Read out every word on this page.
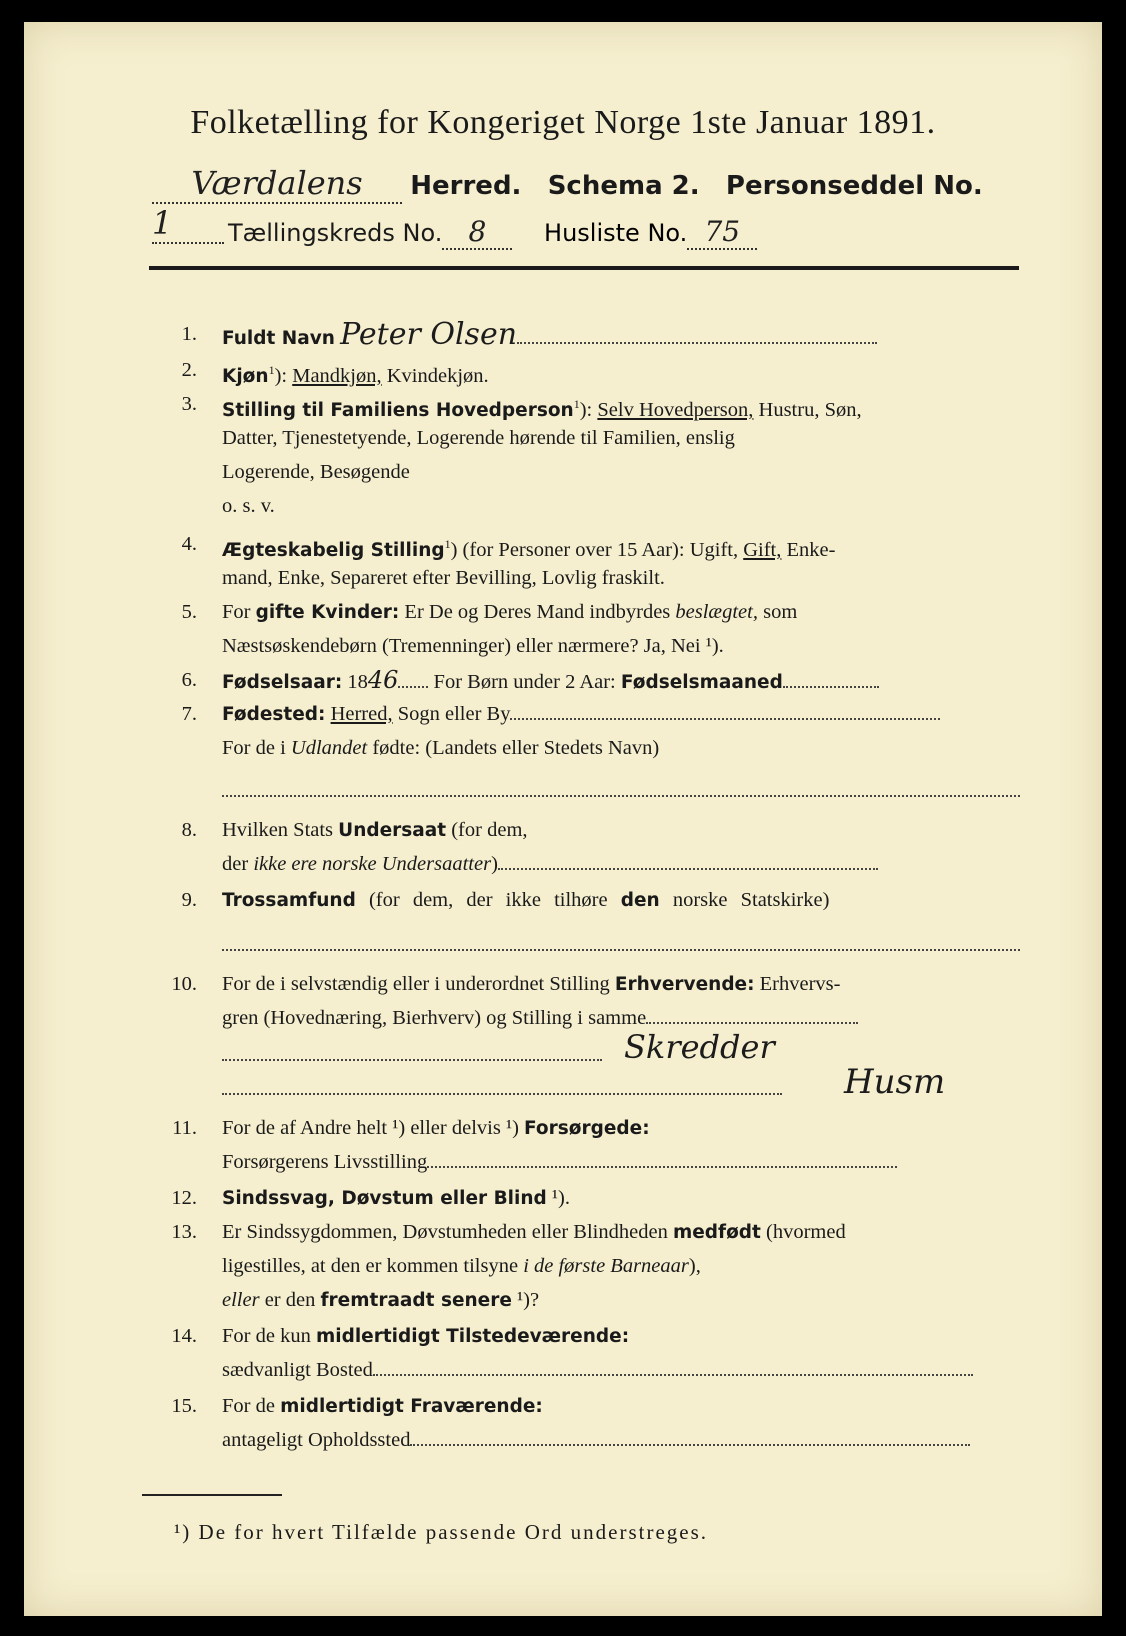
Folketælling for Kongeriget Norge 1ste Januar 1891.
Værdalens Herred. Schema 2. Personseddel No.1	Tællingskreds No. 8 Husliste No. 75
1. Fuldt Navn Peter Olsen
2. Kjøn$^1$): Mandkjøn, Kvindekjøn.
3. Stilling til Familiens Hovedperson$^1$): Selv Hovedperson, Hustru, Søn,
Datter, Tjenestetyende, Logerende hørende til Familien, enslig
Logerende, Besøgende
o. s. v.
4. Ægteskabelig Stilling$^1$) (for Personer over 15 Aar): Ugift, Gift, Enke-
mand, Enke, Separeret efter Bevilling, Lovlig fraskilt.
5. For gifte Kvinder: Er De og Deres Mand indbyrdes beslægtet, som
Næstsøskendebørn (Tremenninger) eller nærmere? Ja, Nei ¹).
6. Fødselsaar: 1846 For Børn under 2 Aar: Fødselsmaaned
7. Fødested: Herred, Sogn eller By
For de i Udlandet fødte: (Landets eller Stedets Navn)
8. Hvilken Stats Undersaat (for dem,
der ikke ere norske Undersaatter)
9. Trossamfund (for dem, der ikke tilhøre den norske Statskirke)
10. For de i selvstændig eller i underordnet Stilling Erhvervende: Erhvervs-
gren (Hovednæring, Bierhverv) og Stilling i samme
Skredder
Husm
11. For de af Andre helt ¹) eller delvis ¹) Forsørgede:
Forsørgerens Livsstilling
12. Sindssvag, Døvstum eller Blind ¹).
13. Er Sindssygdommen, Døvstumheden eller Blindheden medfødt (hvormed
ligestilles, at den er kommen tilsyne i de første Barneaar),
eller er den fremtraadt senere ¹)?
14. For de kun midlertidigt Tilstedeværende:
sædvanligt Bosted
15. For de midlertidigt Fraværende:
antageligt Opholdssted
¹) De for hvert Tilfælde passende Ord understreges.
